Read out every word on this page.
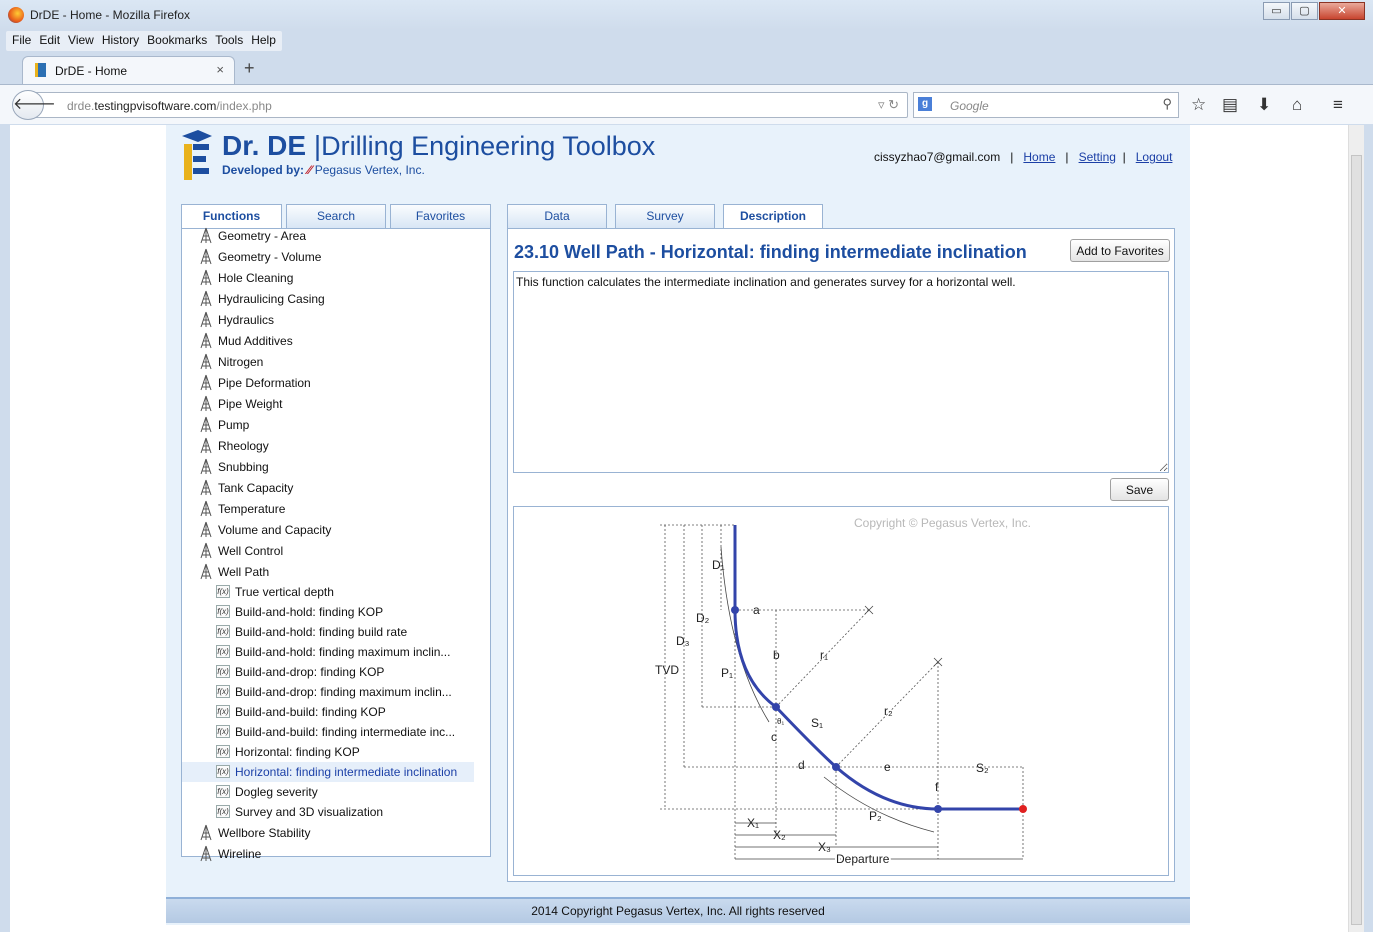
DrDE - Home - Mozilla Firefox	▭	▢	✕
File Edit View History Bookmarks Tools Help
DrDE - Home	× +
drde.testingpvisoftware.com/index.php	▿ ↻
🡐	g	Google	⚲ ☆ ▤ ⬇ ⌂ ≡
Dr. DE |Drilling Engineering Toolbox
Developed by: ⁄⁄ Pegasus Vertex, Inc.
cissyzhao7@gmail.com | Home | Setting | Logout
Functions	Search	Favorites
Geometry - Area
Geometry - Volume
Hole Cleaning
Hydraulicing Casing
Hydraulics
Mud Additives
Nitrogen
Pipe Deformation
Pipe Weight
Pump
Rheology
Snubbing
Tank Capacity
Temperature
Volume and Capacity
Well Control
Well Path
f(x) True vertical depth
f(x) Build-and-hold: finding KOP
f(x) Build-and-hold: finding build rate
f(x) Build-and-hold: finding maximum inclin...
f(x) Build-and-drop: finding KOP
f(x) Build-and-drop: finding maximum inclin...
f(x) Build-and-build: finding KOP
f(x) Build-and-build: finding intermediate inc...
f(x) Horizontal: finding KOP
f(x) Horizontal: finding intermediate inclination
f(x) Dogleg severity
f(x) Survey and 3D visualization
Wellbore Stability
Wireline
Data	Survey	Description
23.10 Well Path - Horizontal: finding intermediate inclination	Add to Favorites
This function calculates the intermediate inclination and generates survey for a horizontal well.
Save
Copyright © Pegasus Vertex, Inc.
D₁
D₂
D₃
TVD	P₁
a
b
c
d	e
f
r₁
r₂
S₁
S₂
θ₁
P₂
X₁
X₂
X₃
Departure
2014 Copyright Pegasus Vertex, Inc. All rights reserved
